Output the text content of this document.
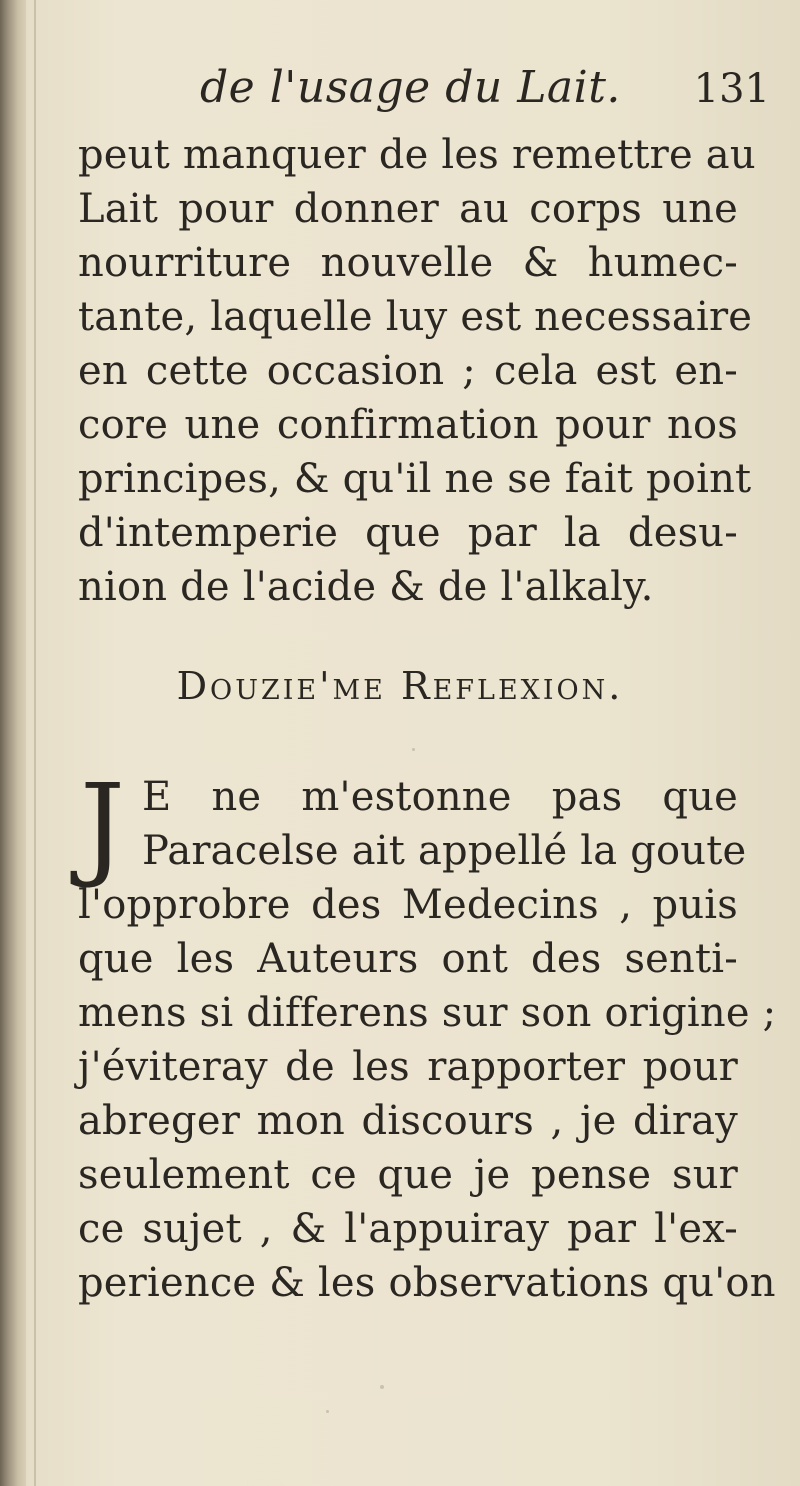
de l'usage du Lait. 131
peut manquer de les remettre au
Lait pour donner au corps une
nourriture nouvelle & humec-
tante, laquelle luy est necessaire
en cette occasion ; cela est en-
core une confirmation pour nos
principes, & qu'il ne se fait point
d'intemperie que par la desu-
nion de l'acide & de l'alkaly.
Douzie'me Reflexion.
J E ne m'estonne pas que
Paracelse ait appellé la goute
l'opprobre des Medecins , puis
que les Auteurs ont des senti-
mens si differens sur son origine ;
j'éviteray de les rapporter pour
abreger mon discours , je diray
seulement ce que je pense sur
ce sujet , & l'appuiray par l'ex-
perience & les observations qu'on
